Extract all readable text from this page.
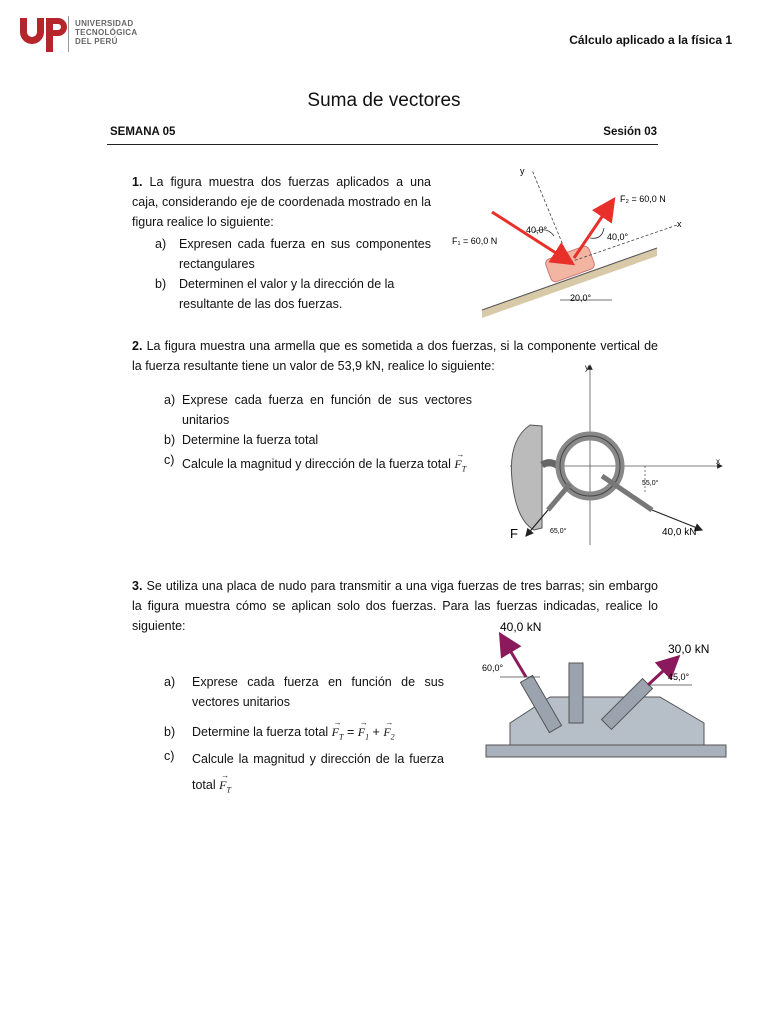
UNIVERSIDAD
TECNOLÓGICA
DEL PERÚ	Cálculo aplicado a la física 1
Suma de vectores
SEMANA 05	Sesión 03
1. La figura muestra dos fuerzas aplicados a una caja, considerando eje de coordenada mostrado en la figura realice lo siguiente:
a) Expresen cada fuerza en sus componentes rectangulares
b) Determinen el valor y la dirección de la resultante de las dos fuerzas.	20,0°
y
x
F₁ = 60,0 N
F₂ = 60,0 N
40,0°
40,0°
2. La figura muestra una armella que es sometida a dos fuerzas, si la componente vertical de la fuerza resultante tiene un valor de 53,9 kN, realice lo siguiente:
a) Exprese cada fuerza en función de sus vectores unitarios
b) Determine la fuerza total
c) Calcule la magnitud y dirección de la fuerza total → $F_T$
y
x
55,0°
65,0°
F	40,0 kN
3. Se utiliza una placa de nudo para transmitir a una viga fuerzas de tres barras; sin embargo la figura muestra cómo se aplican solo dos fuerzas. Para las fuerzas indicadas, realice lo siguiente:
a) Exprese cada fuerza en función de sus vectores unitarios
b) Determine la fuerza total → $F_T$ = → $F_1$ + → $F_2$
c) Calcule la magnitud y dirección de la fuerza total → $F_T$
40,0 kN
30,0 kN
60,0°
45,0°
